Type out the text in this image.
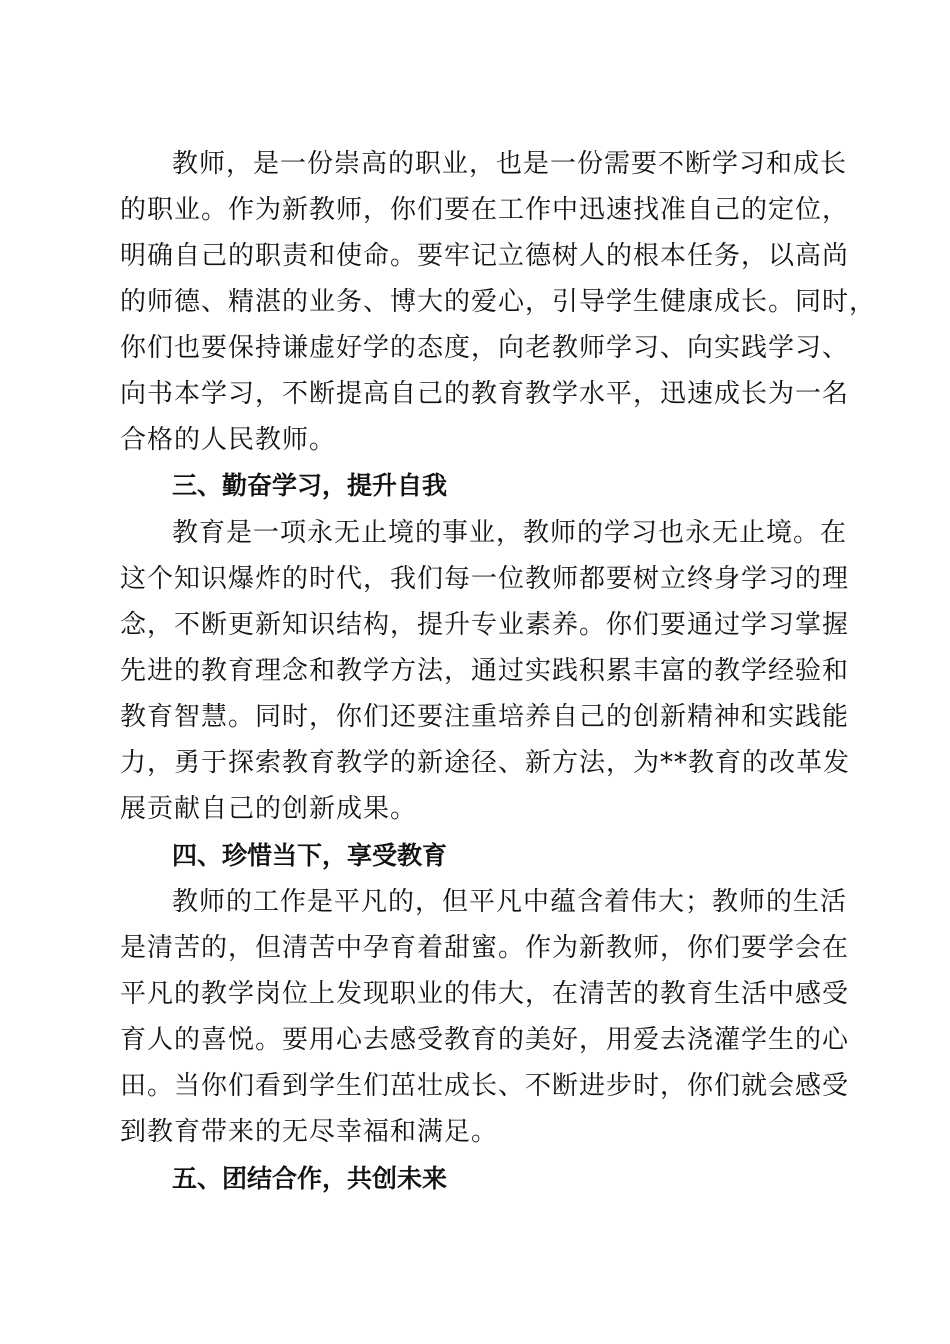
教师，是一份崇高的职业，也是一份需要不断学习和成长
的职业。作为新教师，你们要在工作中迅速找准自己的定位，
明确自己的职责和使命。要牢记立德树人的根本任务，以高尚
的师德、精湛的业务、博大的爱心，引导学生健康成长。同时，
你们也要保持谦虚好学的态度，向老教师学习、向实践学习、
向书本学习，不断提高自己的教育教学水平，迅速成长为一名
合格的人民教师。
三、勤奋学习，提升自我
教育是一项永无止境的事业，教师的学习也永无止境。在
这个知识爆炸的时代，我们每一位教师都要树立终身学习的理
念，不断更新知识结构，提升专业素养。你们要通过学习掌握
先进的教育理念和教学方法，通过实践积累丰富的教学经验和
教育智慧。同时，你们还要注重培养自己的创新精神和实践能
力，勇于探索教育教学的新途径、新方法，为**教育的改革发
展贡献自己的创新成果。
四、珍惜当下，享受教育
教师的工作是平凡的，但平凡中蕴含着伟大；教师的生活
是清苦的，但清苦中孕育着甜蜜。作为新教师，你们要学会在
平凡的教学岗位上发现职业的伟大，在清苦的教育生活中感受
育人的喜悦。要用心去感受教育的美好，用爱去浇灌学生的心
田。当你们看到学生们茁壮成长、不断进步时，你们就会感受
到教育带来的无尽幸福和满足。
五、团结合作，共创未来
